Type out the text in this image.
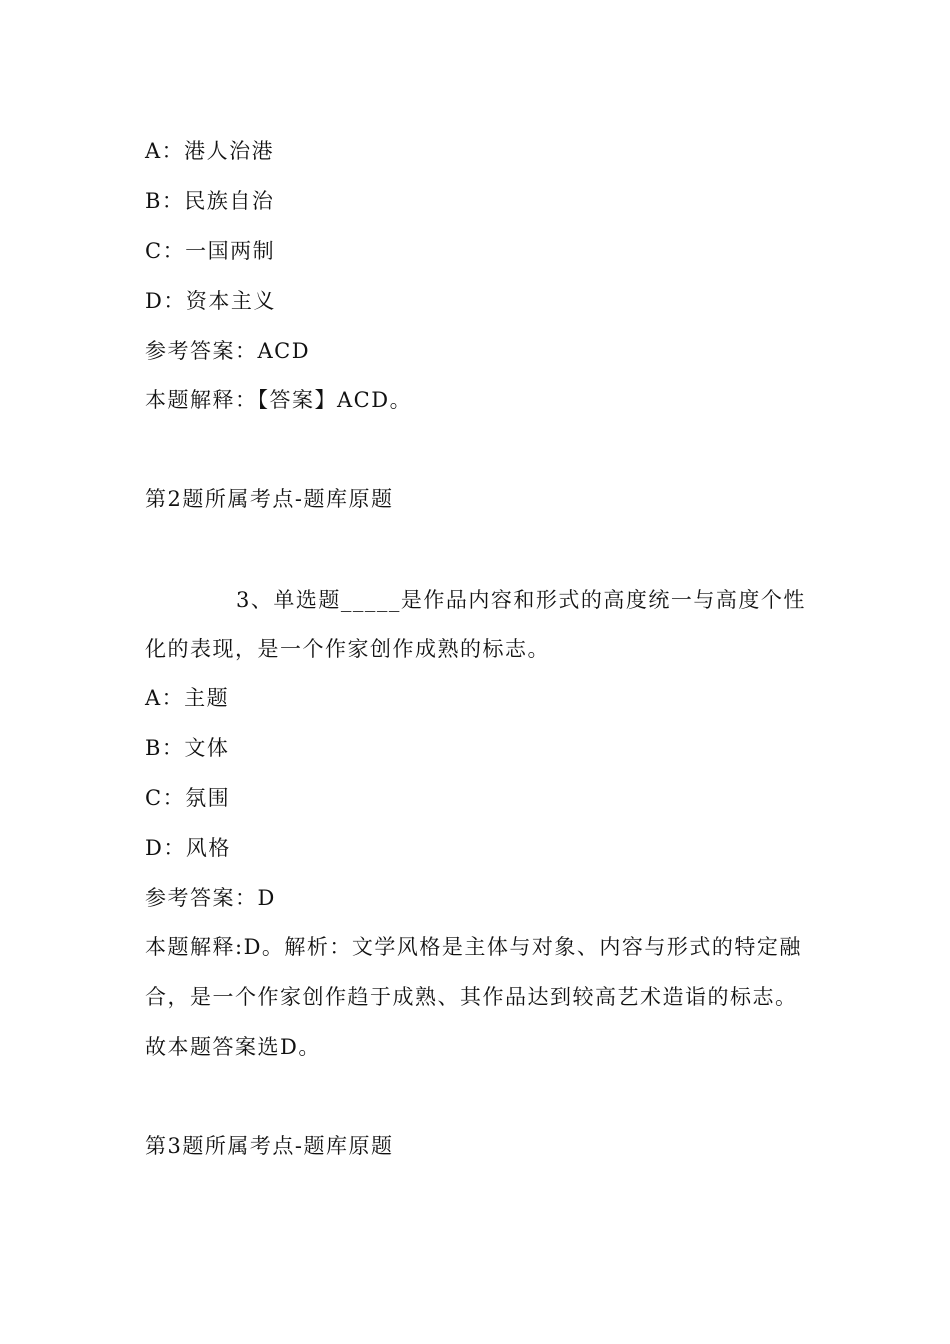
A：港人治港
B：民族自治
C：一国两制
D：资本主义
参考答案：ACD
本题解释：【答案】ACD。
第2题所属考点-题库原题
3、单选题_____是作品内容和形式的高度统一与高度个性
化的表现，是一个作家创作成熟的标志。
A：主题
B：文体
C：氛围
D：风格
参考答案：D
本题解释:D。解析：文学风格是主体与对象、内容与形式的特定融
合，是一个作家创作趋于成熟、其作品达到较高艺术造诣的标志。
故本题答案选D。
第3题所属考点-题库原题
